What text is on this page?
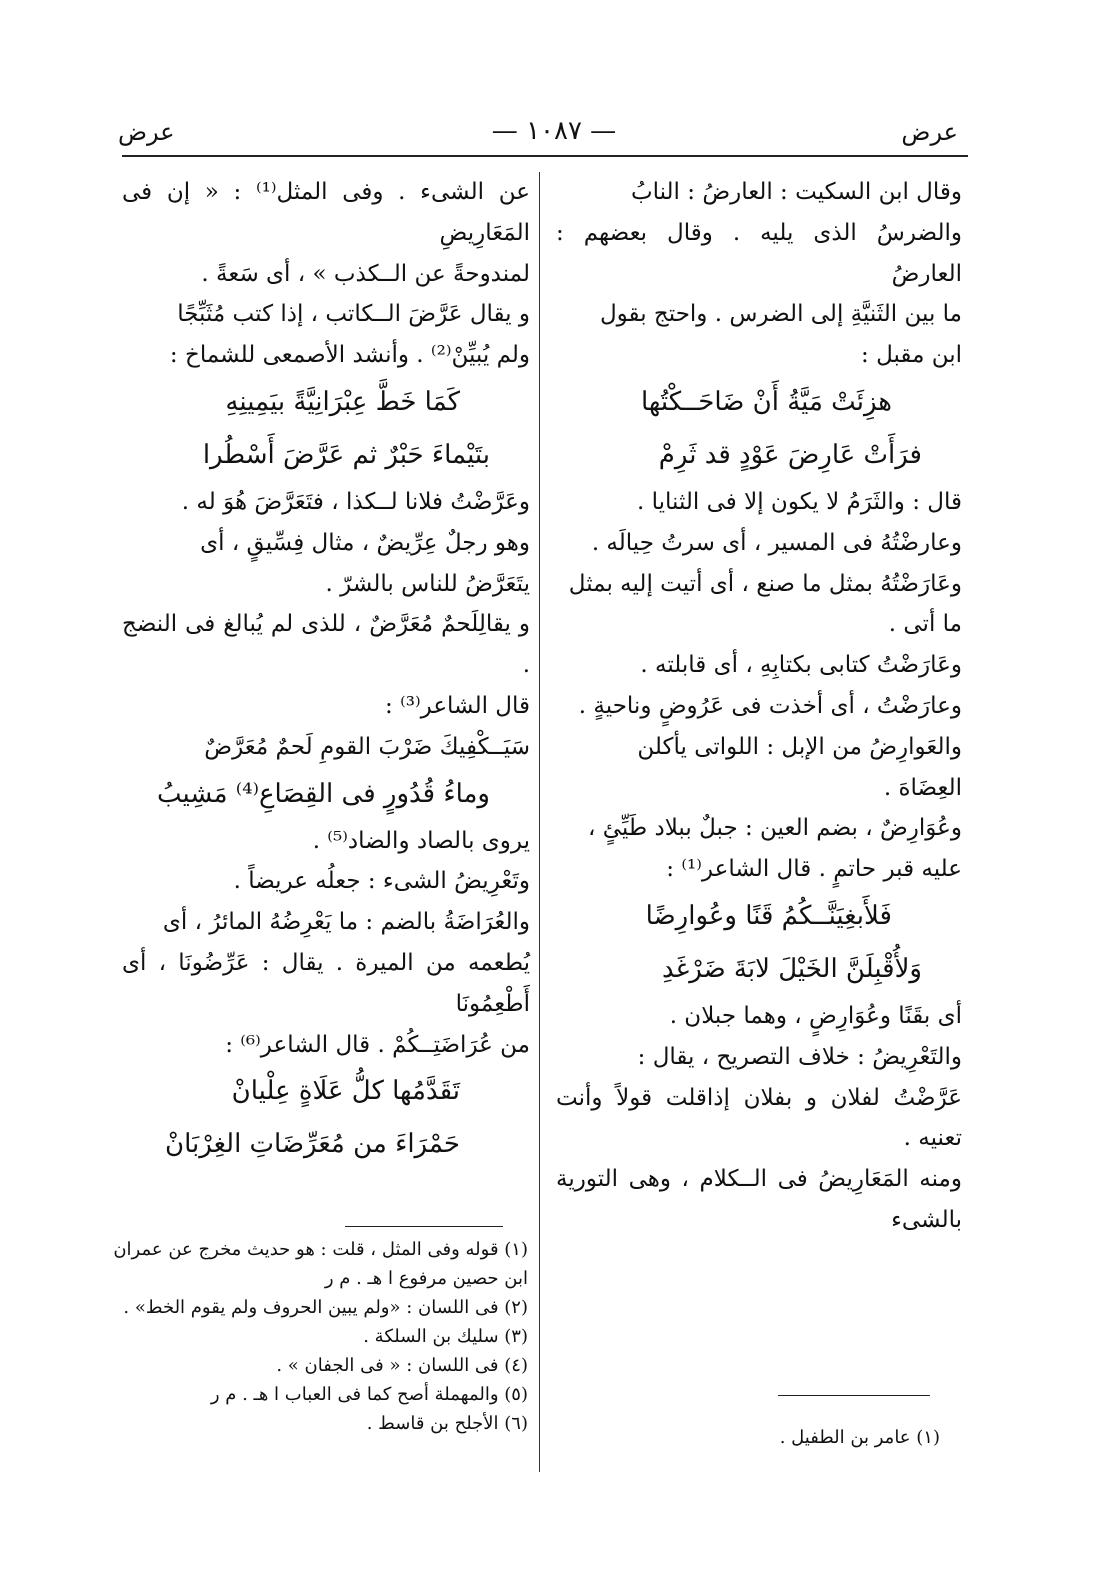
عرض	— ١٠٨٧ —	عرض

وقال ابن السكيت : العارضُ : النابُ

والضرسُ الذى يليه . وقال بعضهم : العارضُ

ما بين الثَنيَّةِ إلى الضرس . واحتج بقول

ابن مقبل :

هزِئَتْ مَيَّةُ أَنْ ضَاحَــكْتُها

فرَأَتْ عَارِضَ عَوْدٍ قد ثَرِمْ

قال : والثَرَمُ لا يكون إلا فى الثنايا .

وعارضْتُهُ فى المسير ، أى سرتُ حِيالَه .

وعَارَضْتُهُ بمثل ما صنع ، أى أتيت إليه بمثل

ما أتى .

وعَارَضْتُ كتابى بكتابِهِ ، أى قابلته .

وعارَضْتُ ، أى أخذت فى عَرُوضٍ وناحيةٍ .

والعَوارِضُ من الإبل : اللواتى يأكلن

العِضَاهَ .

وعُوَارِضٌ ، بضم العين : جبلٌ ببلاد طَيِّئٍ ،

عليه قبر حاتمٍ . قال الشاعر⁽¹⁾ :

فَلأَبغِيَنَّــكُمُ قَنًا وعُوارِضًا

وَلأُقْبِلَنَّ الخَيْلَ لابَةَ ضَرْغَدِ

أى بقَنًا وعُوَارِضٍ ، وهما جبلان .

والتَعْرِيضُ : خلاف التصريح ، يقال :

عَرَّضْتُ لفلان و بفلان إذاقلت قولاً وأنت تعنيه .

ومنه المَعَارِيضُ فى الــكلام ، وهى التورية بالشىء

عن الشىء . وفى المثل⁽¹⁾ : « إن فى المَعَارِيضِ

لمندوحةً عن الــكذب » ، أى سَعةً .

و يقال عَرَّضَ الــكاتب ، إذا كتب مُثَبِّجًا

ولم يُبيِّنْ⁽²⁾ . وأنشد الأصمعى للشماخ :

كَمَا خَطَّ عِبْرَانِيَّةً بيَمِينِهِ

بتَيْماءَ حَبْرٌ ثم عَرَّضَ أَسْطُرا

وعَرَّضْتُ فلانا لــكذا ، فتَعَرَّضَ هُوَ له .

وهو رجلٌ عِرِّيضٌ ، مثال فِسِّيقٍ ، أى

يتَعَرَّضُ للناس بالشرّ .

و يقالِلَحمٌ مُعَرَّضٌ ، للذى لم يُبالغ فى النضج .

قال الشاعر⁽³⁾ :

سَيَــكْفِيكَ ضَرْبَ القومِ لَحمٌ مُعَرَّضٌ

وماءُ قُدُورٍ فى القِصَاعِ⁽⁴⁾ مَشِيبُ

يروى بالصاد والضاد⁽⁵⁾ .

وتَعْرِيضُ الشىء : جعلُه عريضاً .

والعُرَاضَةُ بالضم : ما يَعْرِضُهُ المائرُ ، أى

يُطعمه من الميرة . يقال : عَرِّضُونَا ، أى أَطْعِمُونَا

من عُرَاضَتِــكُمْ . قال الشاعر⁽⁶⁾ :

تَقَدَّمُها كلُّ عَلَاةٍ عِلْيانْ

حَمْرَاءَ من مُعَرِّضَاتِ الغِرْبَانْ

(١) قوله وفى المثل ، قلت : هو حديث مخرج عن عمران

ابن حصين مرفوع ا هـ . م ر

(٢) فى اللسان : «ولم يبين الحروف ولم يقوم الخط» .

(٣) سليك بن السلكة .

(٤) فى اللسان : « فى الجفان » .

(٥) والمهملة أصح كما فى العباب ا هـ . م ر

(٦) الأجلح بن قاسط .

(١) عامر بن الطفيل .
